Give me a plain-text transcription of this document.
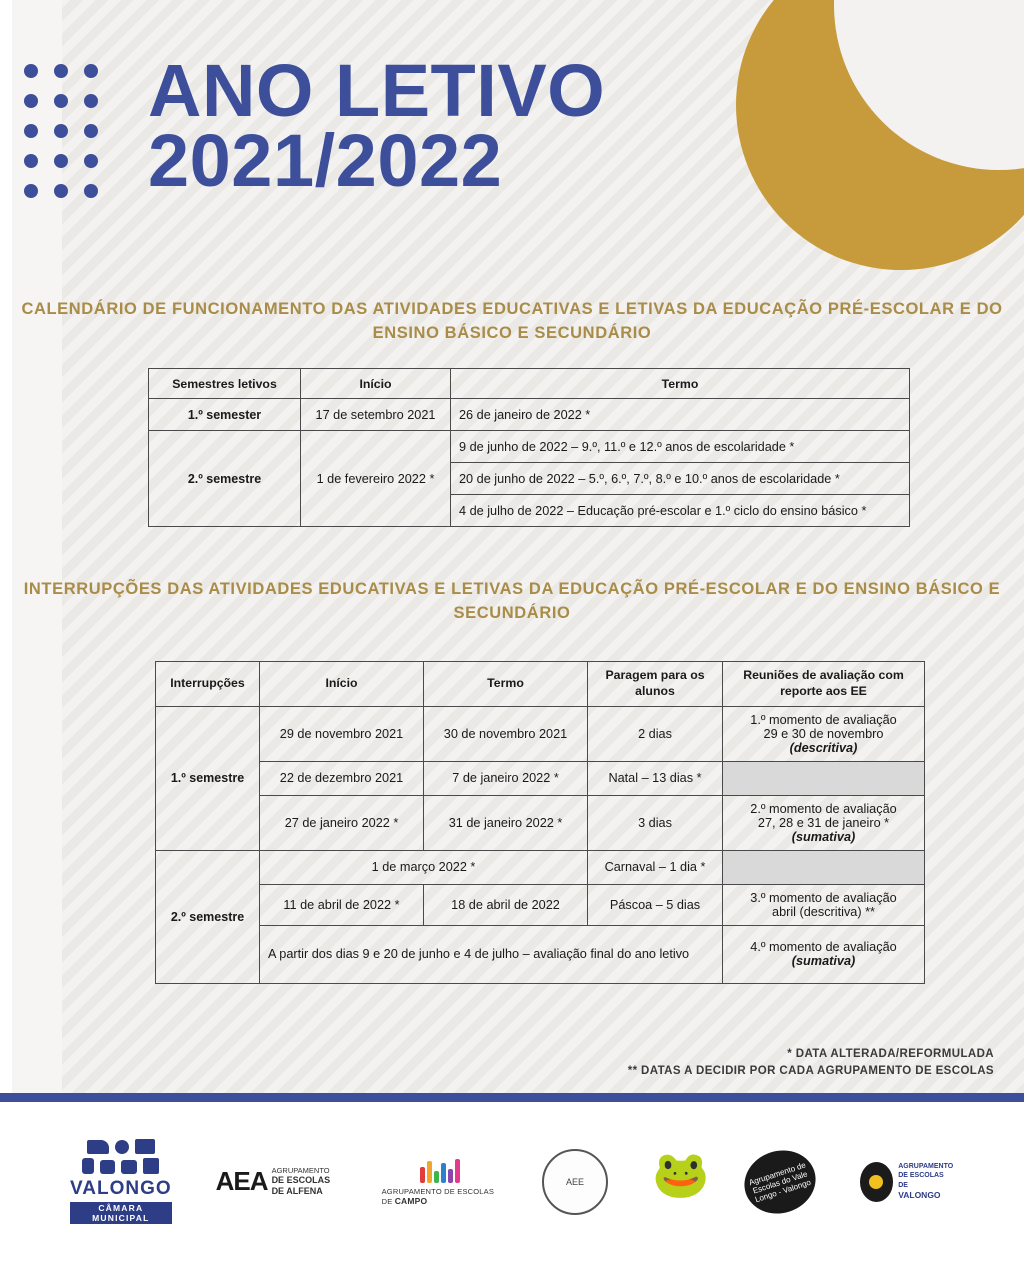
ANO LETIVO
2021/2022
CALENDÁRIO DE FUNCIONAMENTO DAS ATIVIDADES EDUCATIVAS E LETIVAS DA EDUCAÇÃO PRÉ-ESCOLAR E DO ENSINO BÁSICO E SECUNDÁRIO
Semestres letivos	Início	Termo
1.º semester	17 de setembro 2021	26 de janeiro de 2022 *
2.º semestre	1 de fevereiro 2022 *	9 de junho de 2022 – 9.º, 11.º e 12.º anos de escolaridade *
		20 de junho de 2022 – 5.º, 6.º, 7.º, 8.º e 10.º anos de escolaridade *
		4 de julho de 2022 – Educação pré-escolar e 1.º ciclo do ensino básico *
INTERRUPÇÕES DAS ATIVIDADES EDUCATIVAS E LETIVAS DA EDUCAÇÃO PRÉ-ESCOLAR E DO ENSINO BÁSICO E SECUNDÁRIO
Interrupções	Início	Termo	Paragem para os alunos	Reuniões de avaliação com reporte aos EE
1.º semestre	29 de novembro 2021	30 de novembro 2021	2 dias	1.º momento de avaliação
29 e 30 de novembro
(descritiva)

	22 de dezembro 2021	7 de janeiro 2022 *	Natal – 13 dias *	
	27 de janeiro 2022 *	31 de janeiro 2022 *	3 dias	2.º momento de avaliação
27, 28 e 31 de janeiro *
(sumativa)

2.º semestre	1 de março 2022 *		Carnaval – 1 dia *	
	11 de abril de 2022 *	18 de abril de 2022	Páscoa – 5 dias	3.º momento de avaliação
abril (descritiva) **

	A partir dos dias 9 e 20 de junho e 4 de julho – avaliação final do ano letivo			4.º momento de avaliação
(sumativa)
* DATA ALTERADA/REFORMULADA
** DATAS A DECIDIR POR CADA AGRUPAMENTO DE ESCOLAS
VALONGO
CÂMARA MUNICIPAL
AEA AGRUPAMENTO
DE ESCOLAS DE ALFENA	AGRUPAMENTO DE ESCOLAS DE CAMPO
AEE 🐸	Agrupamento de Escolas do Vale Longo - Valongo
AGRUPAMENTO
DE ESCOLAS DE
VALONGO
